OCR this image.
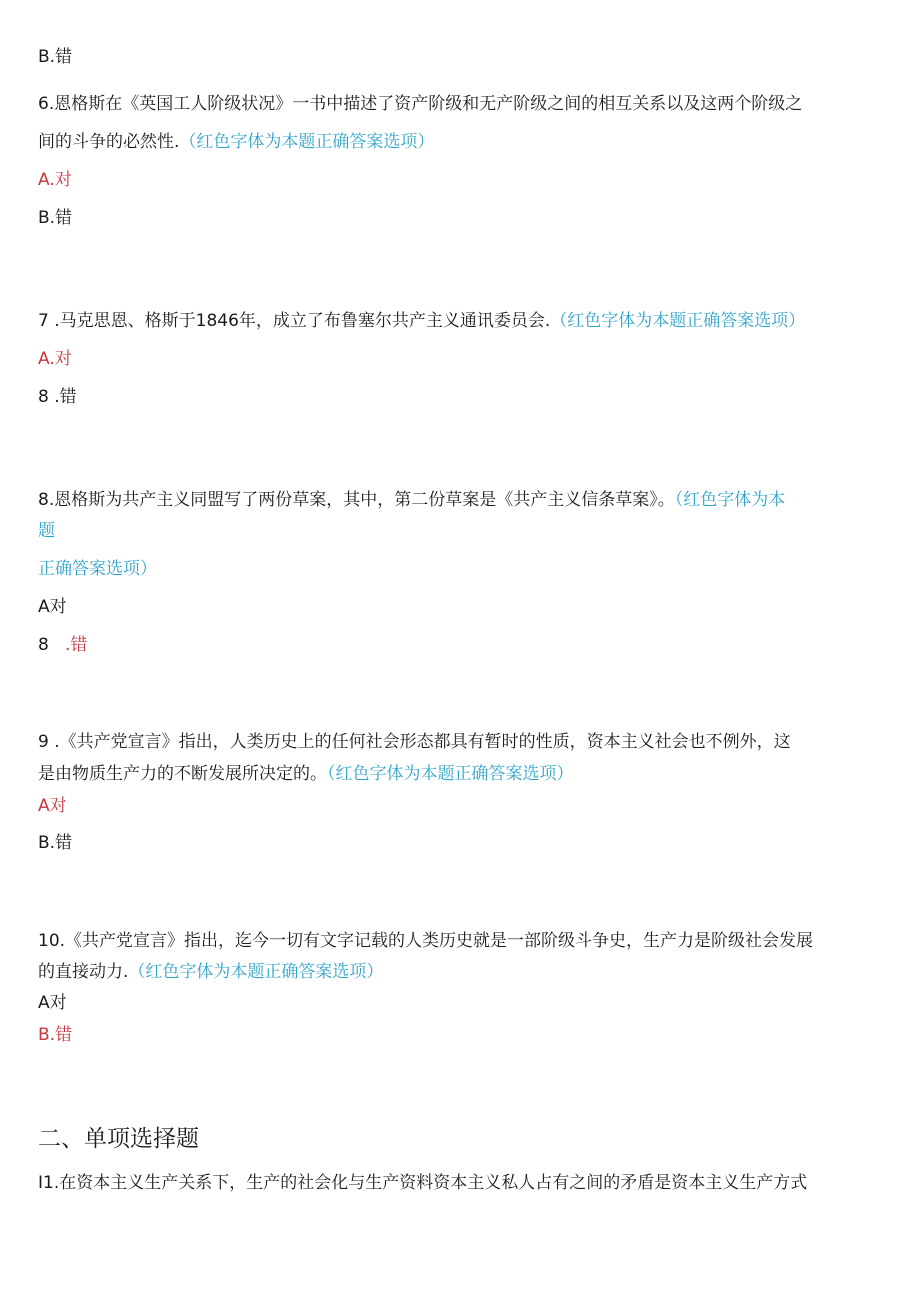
B.错
6.恩格斯在《英国工人阶级状况》一书中描述了资产阶级和无产阶级之间的相互关系以及这两个阶级之
间的斗争的必然性.（红色字体为本题正确答案选项）
A.对
B.错
7 .马克思恩、格斯于1846年，成立了布鲁塞尔共产主义通讯委员会.（红色字体为本题正确答案选项）
A.对
8 .错
8.恩格斯为共产主义同盟写了两份草案，其中，第二份草案是《共产主义信条草案》。（红色字体为本
题
正确答案选项）
A对
8   .错
9 .《共产党宣言》指出，人类历史上的任何社会形态都具有暂时的性质，资本主义社会也不例外，这
是由物质生产力的不断发展所决定的。（红色字体为本题正确答案选项）
A对
B.错
10.《共产党宣言》指出，迄今一切有文字记载的人类历史就是一部阶级斗争史，生产力是阶级社会发展
的直接动力.（红色字体为本题正确答案选项）
A对
B.错
二、单项选择题
I1.在资本主义生产关系下，生产的社会化与生产资料资本主义私人占有之间的矛盾是资本主义生产方式
